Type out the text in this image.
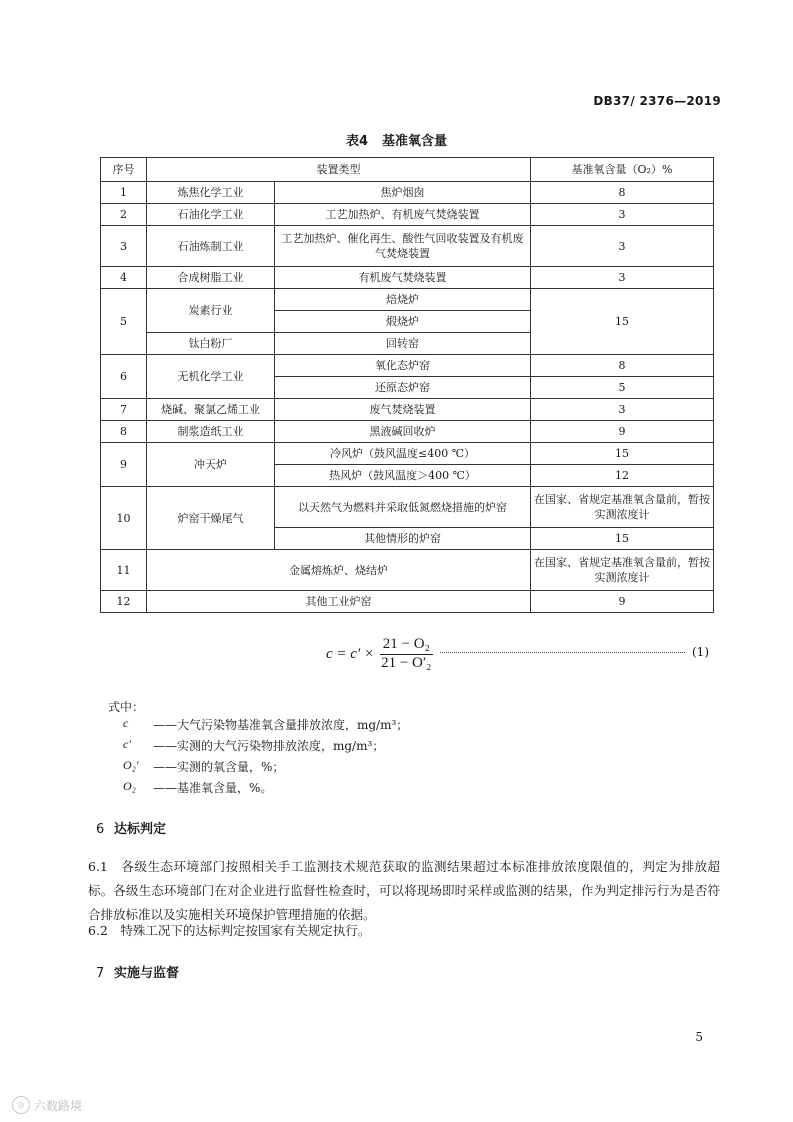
DB37/ 2376—2019
表4 基准氧含量
序号	装置类型		基准氧含量（O₂）%
1	炼焦化学工业	焦炉烟囱	8
2	石油化学工业	工艺加热炉、有机废气焚烧装置	3
3	石油炼制工业	工艺加热炉、催化再生、酸性气回收装置及有机废气焚烧装置	3
4	合成树脂工业	有机废气焚烧装置	3
5	炭素行业	焙烧炉	15
		煅烧炉	
	钛白粉厂	回转窑	
6	无机化学工业	氧化态炉窑	8
		还原态炉窑	5
7	烧碱、聚氯乙烯工业	废气焚烧装置	3
8	制浆造纸工业	黑液碱回收炉	9
9	冲天炉	冷风炉（鼓风温度≤400 ℃）	15
		热风炉（鼓风温度＞400 ℃）	12
10	炉窑干燥尾气	以天然气为燃料并采取低氮燃烧措施的炉窑	在国家、省规定基准氧含量前，暂按实测浓度计
		其他情形的炉窑	15
11	金属熔炼炉、烧结炉		在国家、省规定基准氧含量前，暂按实测浓度计
12	其他工业炉窑		9
$c = c' \times \frac{\text{21 − O₂}}{\text{21 − O′₂}}$	(1)
式中：
c	——大气污染物基准氧含量排放浓度，mg/m³；
c′	——实测的大气污染物排放浓度，mg/m³；
O₂′	——实测的氧含量，%；
O₂	——基准氧含量，%。
6 达标判定
6.1　各级生态环境部门按照相关手工监测技术规范获取的监测结果超过本标准排放浓度限值的，判定为排放超标。各级生态环境部门在对企业进行监督性检查时，可以将现场即时采样或监测的结果，作为判定排污行为是否符合排放标准以及实施相关环境保护管理措施的依据。
6.2　特殊工况下的达标判定按国家有关规定执行。
7 实施与监督
5
◎ 六数路境
